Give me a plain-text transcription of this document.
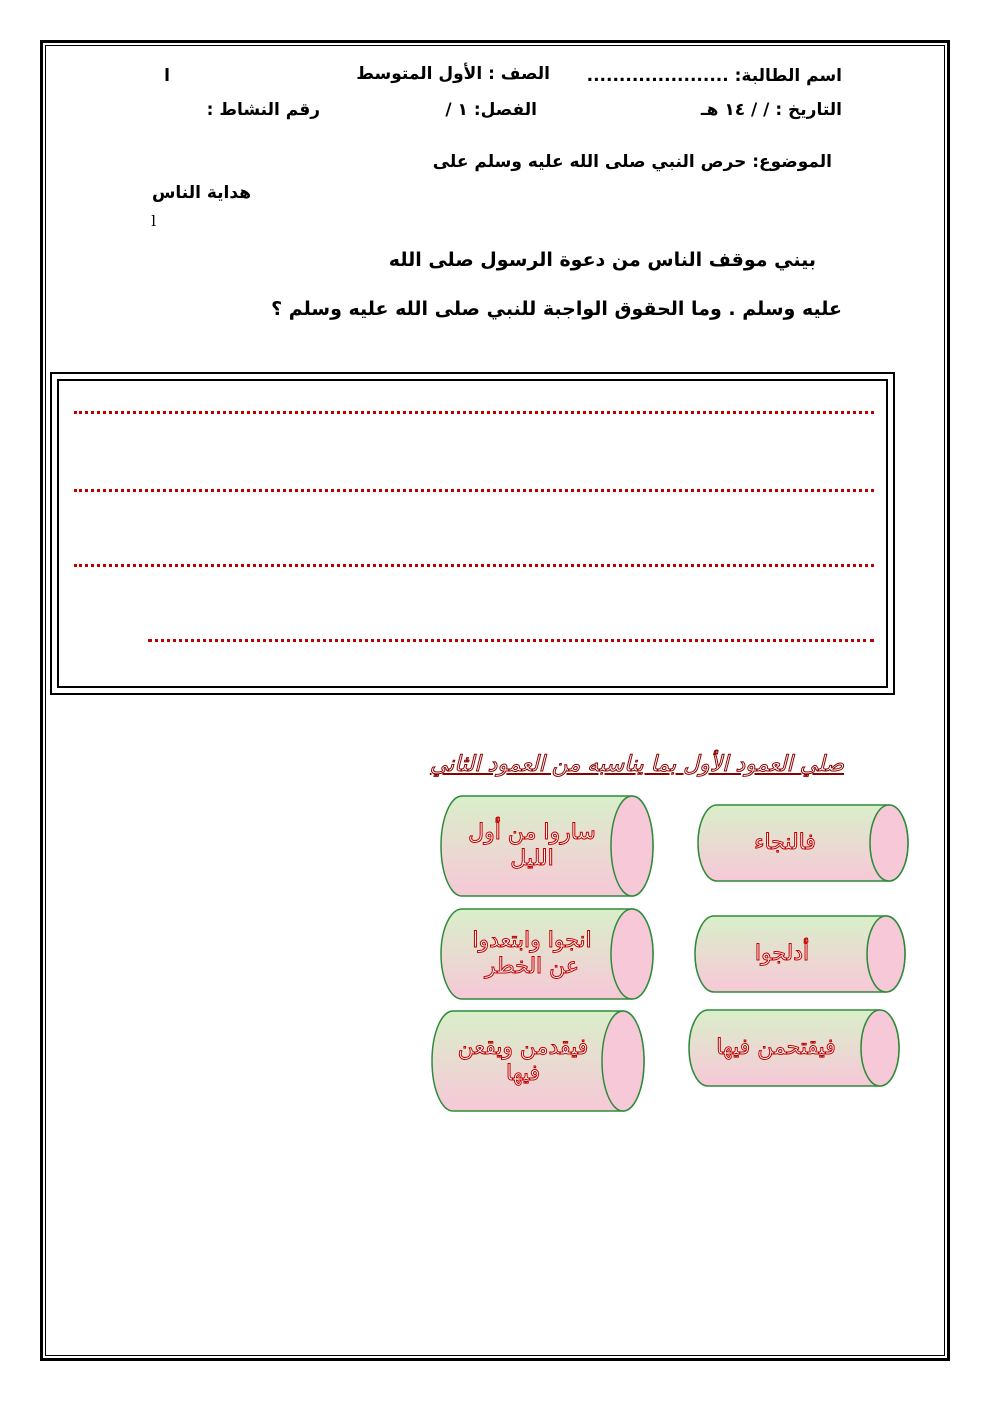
اسم الطالبة: ......................
الصف : الأول المتوسط
ا
التاريخ : / / ١٤ هـ
الفصل: ١ /
رقم النشاط :
الموضوع: حرص النبي صلى الله عليه وسلم على
هداية الناس
l
بيني موقف الناس من دعوة الرسول صلى الله
عليه وسلم . وما الحقوق الواجبة للنبي صلى الله عليه وسلم ؟
صلي العمود الأول بما يناسبه من العمود الثاني
فالنجاء
أدلجوا
فيقتحمن فيها
ساروا من أول الليل
انجوا وابتعدوا عن الخطر
فيقدمن ويقعن فيها
